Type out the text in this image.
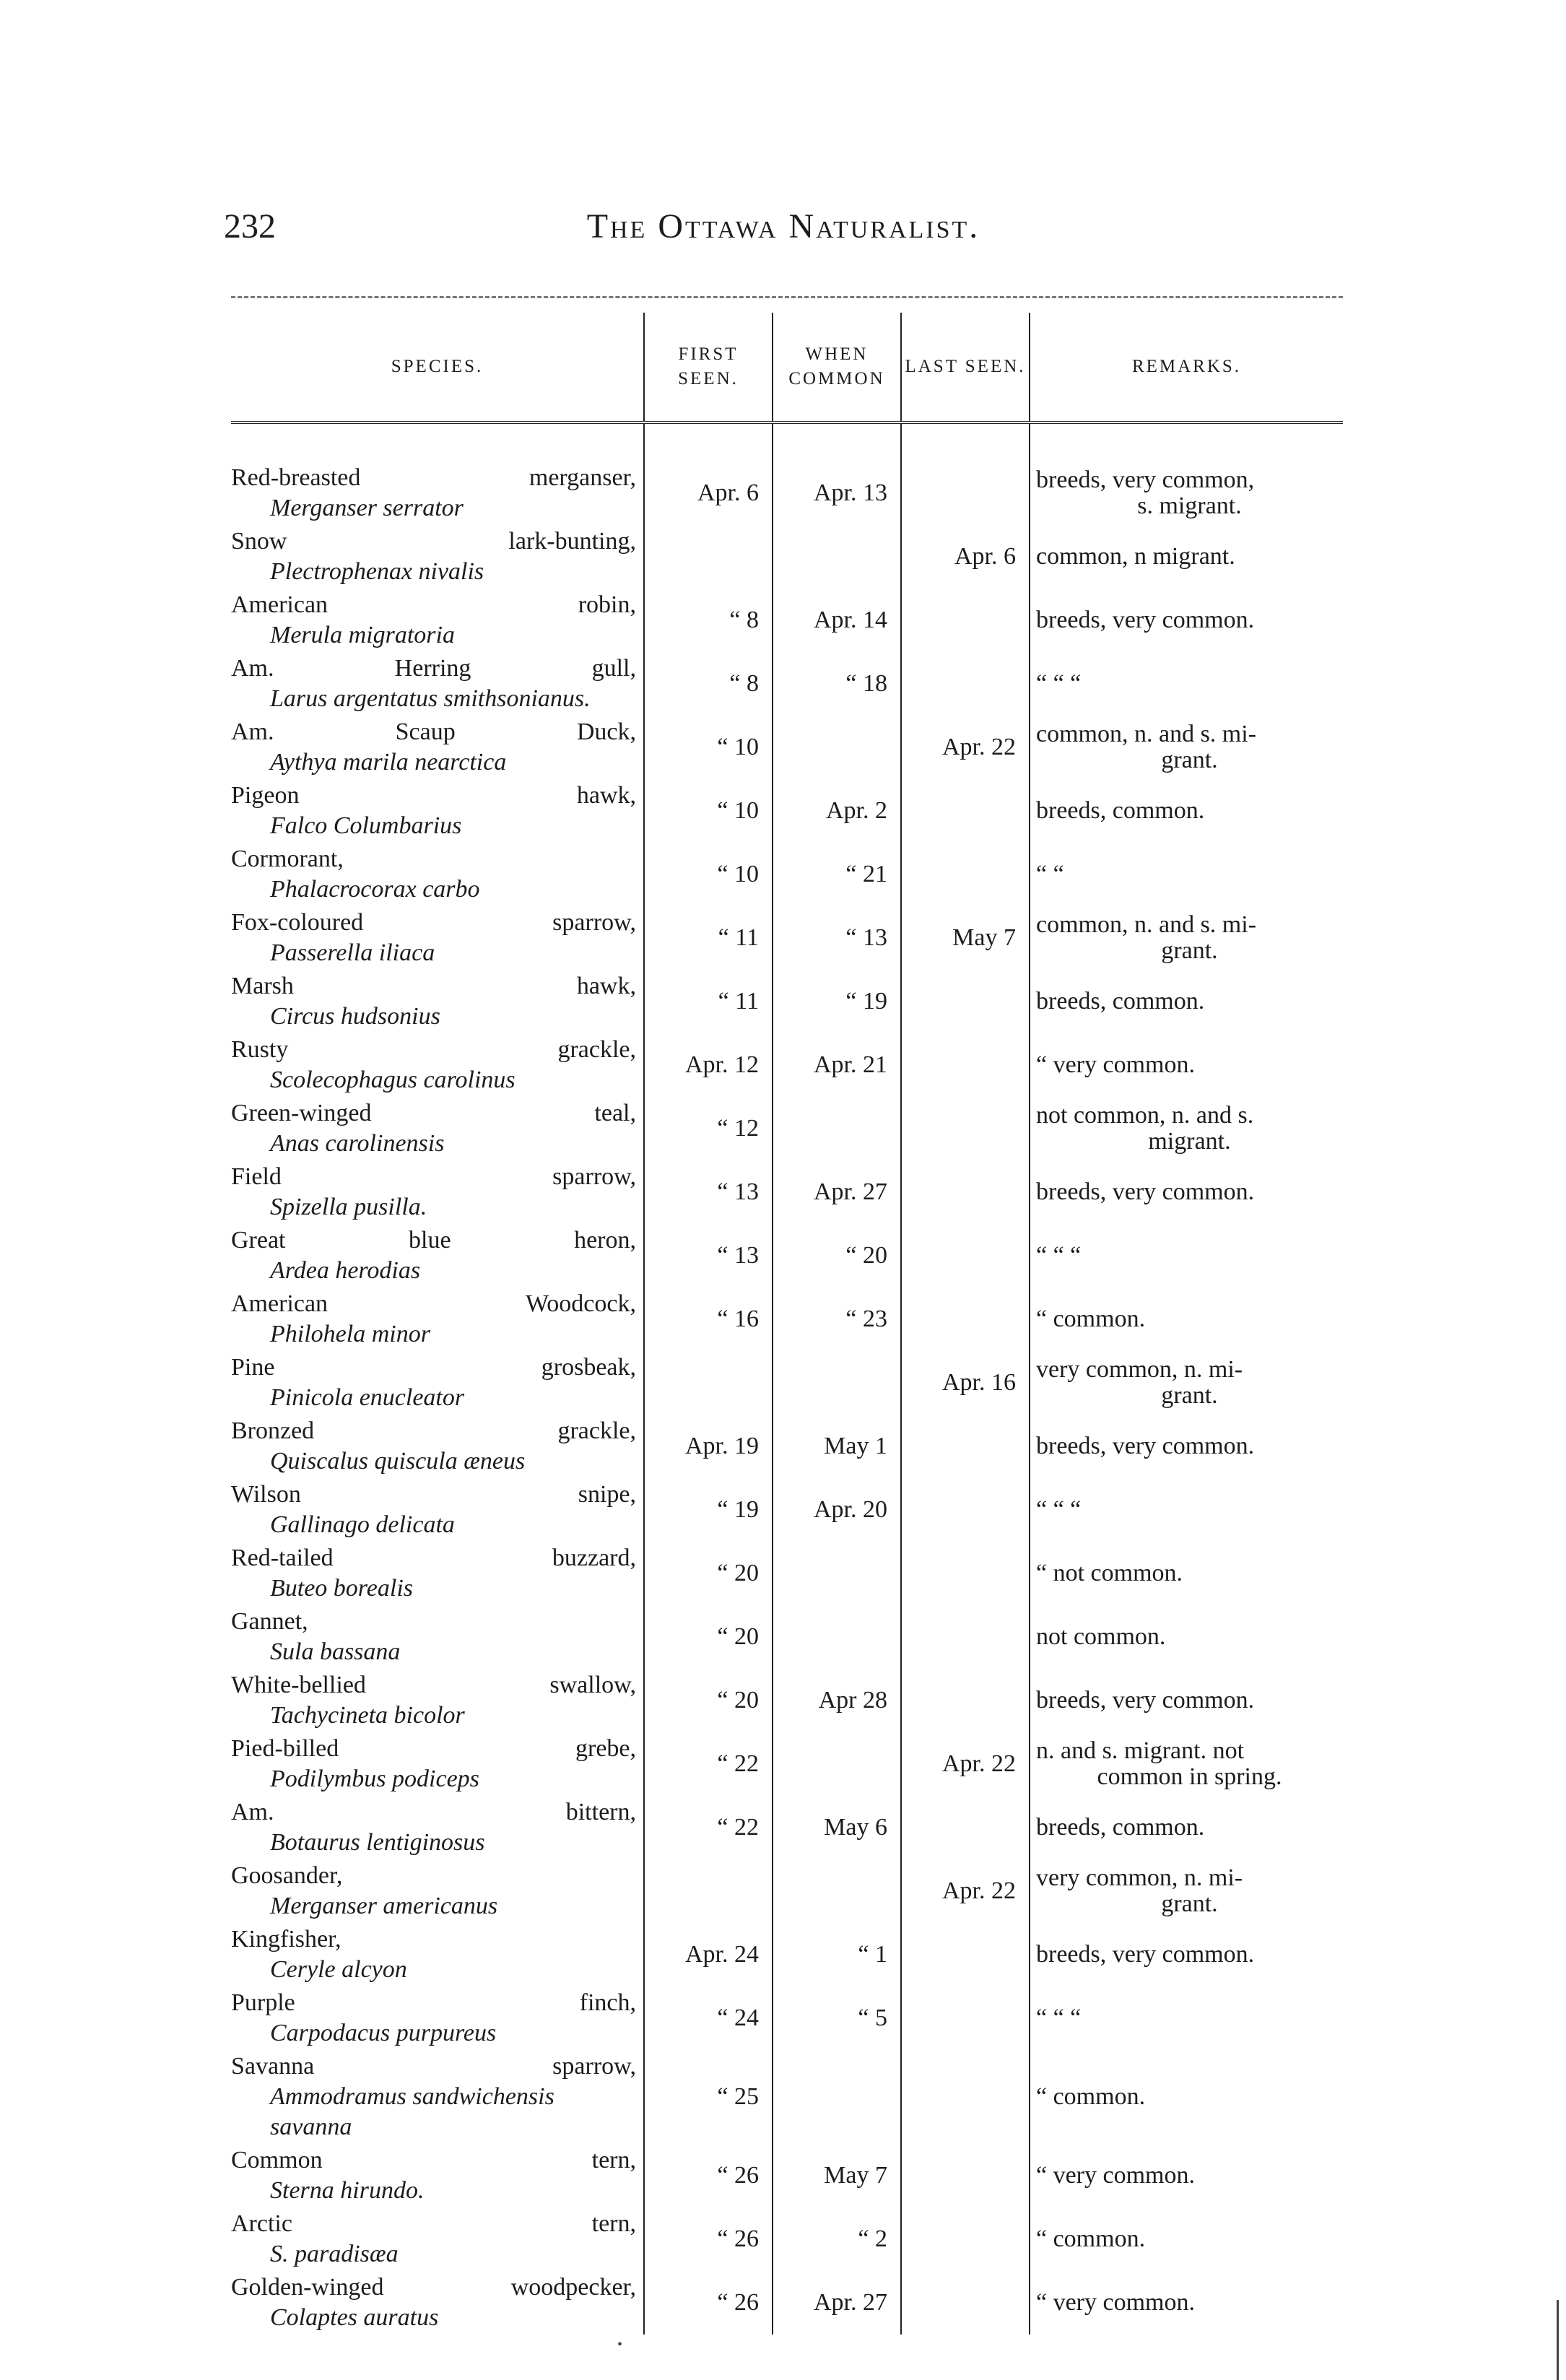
232	The Ottawa Naturalist.
SPECIES.	FIRST SEEN.	WHEN COMMON	LAST SEEN.	REMARKS.

Red-breasted merganser,
Merganser serrator	Apr. 6	Apr. 13		breeds, very common,
s. migrant.

Snow lark-bunting,
Plectrophenax nivalis			Apr. 6	common, n migrant.

American robin,
Merula migratoria	“ 8	Apr. 14		breeds, very common.

Am. Herring gull,
Larus argentatus smithsonianus.	“ 8	“ 18		“ “ “

Am. Scaup Duck,
Aythya marila nearctica	“ 10		Apr. 22	common, n. and s. mi-
grant.

Pigeon hawk,
Falco Columbarius	“ 10	Apr. 2		breeds, common.

Cormorant,
Phalacrocorax carbo	“ 10	“ 21		“ “

Fox-coloured sparrow,
Passerella iliaca	“ 11	“ 13	May 7	common, n. and s. mi-
grant.

Marsh hawk,
Circus hudsonius	“ 11	“ 19		breeds, common.

Rusty grackle,
Scolecophagus carolinus	Apr. 12	Apr. 21		“ very common.

Green-winged teal,
Anas carolinensis	“ 12			not common, n. and s.
migrant.

Field sparrow,
Spizella pusilla.	“ 13	Apr. 27		breeds, very common.

Great blue heron,
Ardea herodias	“ 13	“ 20		“ “ “

American Woodcock,
Philohela minor	“ 16	“ 23		“ common.

Pine grosbeak,
Pinicola enucleator			Apr. 16	very common, n. mi-
grant.

Bronzed grackle,
Quiscalus quiscula æneus	Apr. 19	May 1		breeds, very common.

Wilson snipe,
Gallinago delicata	“ 19	Apr. 20		“ “ “

Red-tailed buzzard,
Buteo borealis	“ 20			“ not common.

Gannet,
Sula bassana	“ 20			not common.

White-bellied swallow,
Tachycineta bicolor	“ 20	Apr 28		breeds, very common.

Pied-billed grebe,
Podilymbus podiceps	“ 22		Apr. 22	n. and s. migrant. not
common in spring.

Am. bittern,
Botaurus lentiginosus	“ 22	May 6		breeds, common.

Goosander,
Merganser americanus			Apr. 22	very common, n. mi-
grant.

Kingfisher,
Ceryle alcyon	Apr. 24	“ 1		breeds, very common.

Purple finch,
Carpodacus purpureus	“ 24	“ 5		“ “ “

Savanna sparrow,
Ammodramus sandwichensis savanna	“ 25			“ common.

Common tern,
Sterna hirundo.	“ 26	May 7		“ very common.

Arctic tern,
S. paradisæa	“ 26	“ 2		“ common.

Golden-winged woodpecker,
Colaptes auratus	“ 26	Apr. 27		“ very common.
•
